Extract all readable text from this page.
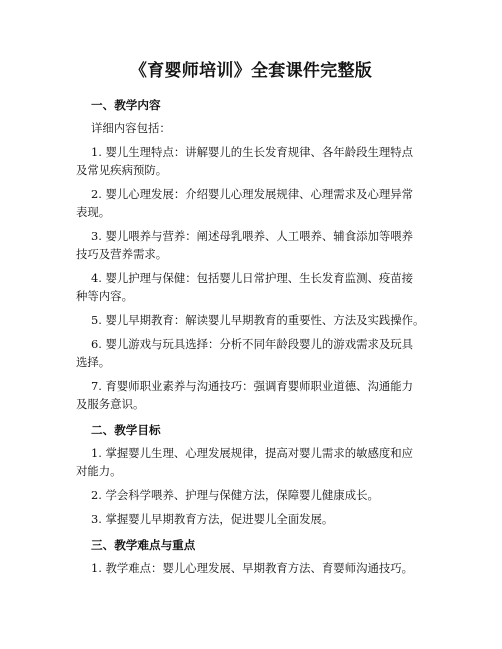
《育婴师培训》全套课件完整版
一、教学内容
详细内容包括：
1. 婴儿生理特点：讲解婴儿的生长发育规律、各年龄段生理特点
及常见疾病预防。
2. 婴儿心理发展：介绍婴儿心理发展规律、心理需求及心理异常
表现。
3. 婴儿喂养与营养：阐述母乳喂养、人工喂养、辅食添加等喂养
技巧及营养需求。
4. 婴儿护理与保健：包括婴儿日常护理、生长发育监测、疫苗接
种等内容。
5. 婴儿早期教育：解读婴儿早期教育的重要性、方法及实践操作。
6. 婴儿游戏与玩具选择：分析不同年龄段婴儿的游戏需求及玩具
选择。
7. 育婴师职业素养与沟通技巧：强调育婴师职业道德、沟通能力
及服务意识。
二、教学目标
1. 掌握婴儿生理、心理发展规律，提高对婴儿需求的敏感度和应
对能力。
2. 学会科学喂养、护理与保健方法，保障婴儿健康成长。
3. 掌握婴儿早期教育方法，促进婴儿全面发展。
三、教学难点与重点
1. 教学难点：婴儿心理发展、早期教育方法、育婴师沟通技巧。
